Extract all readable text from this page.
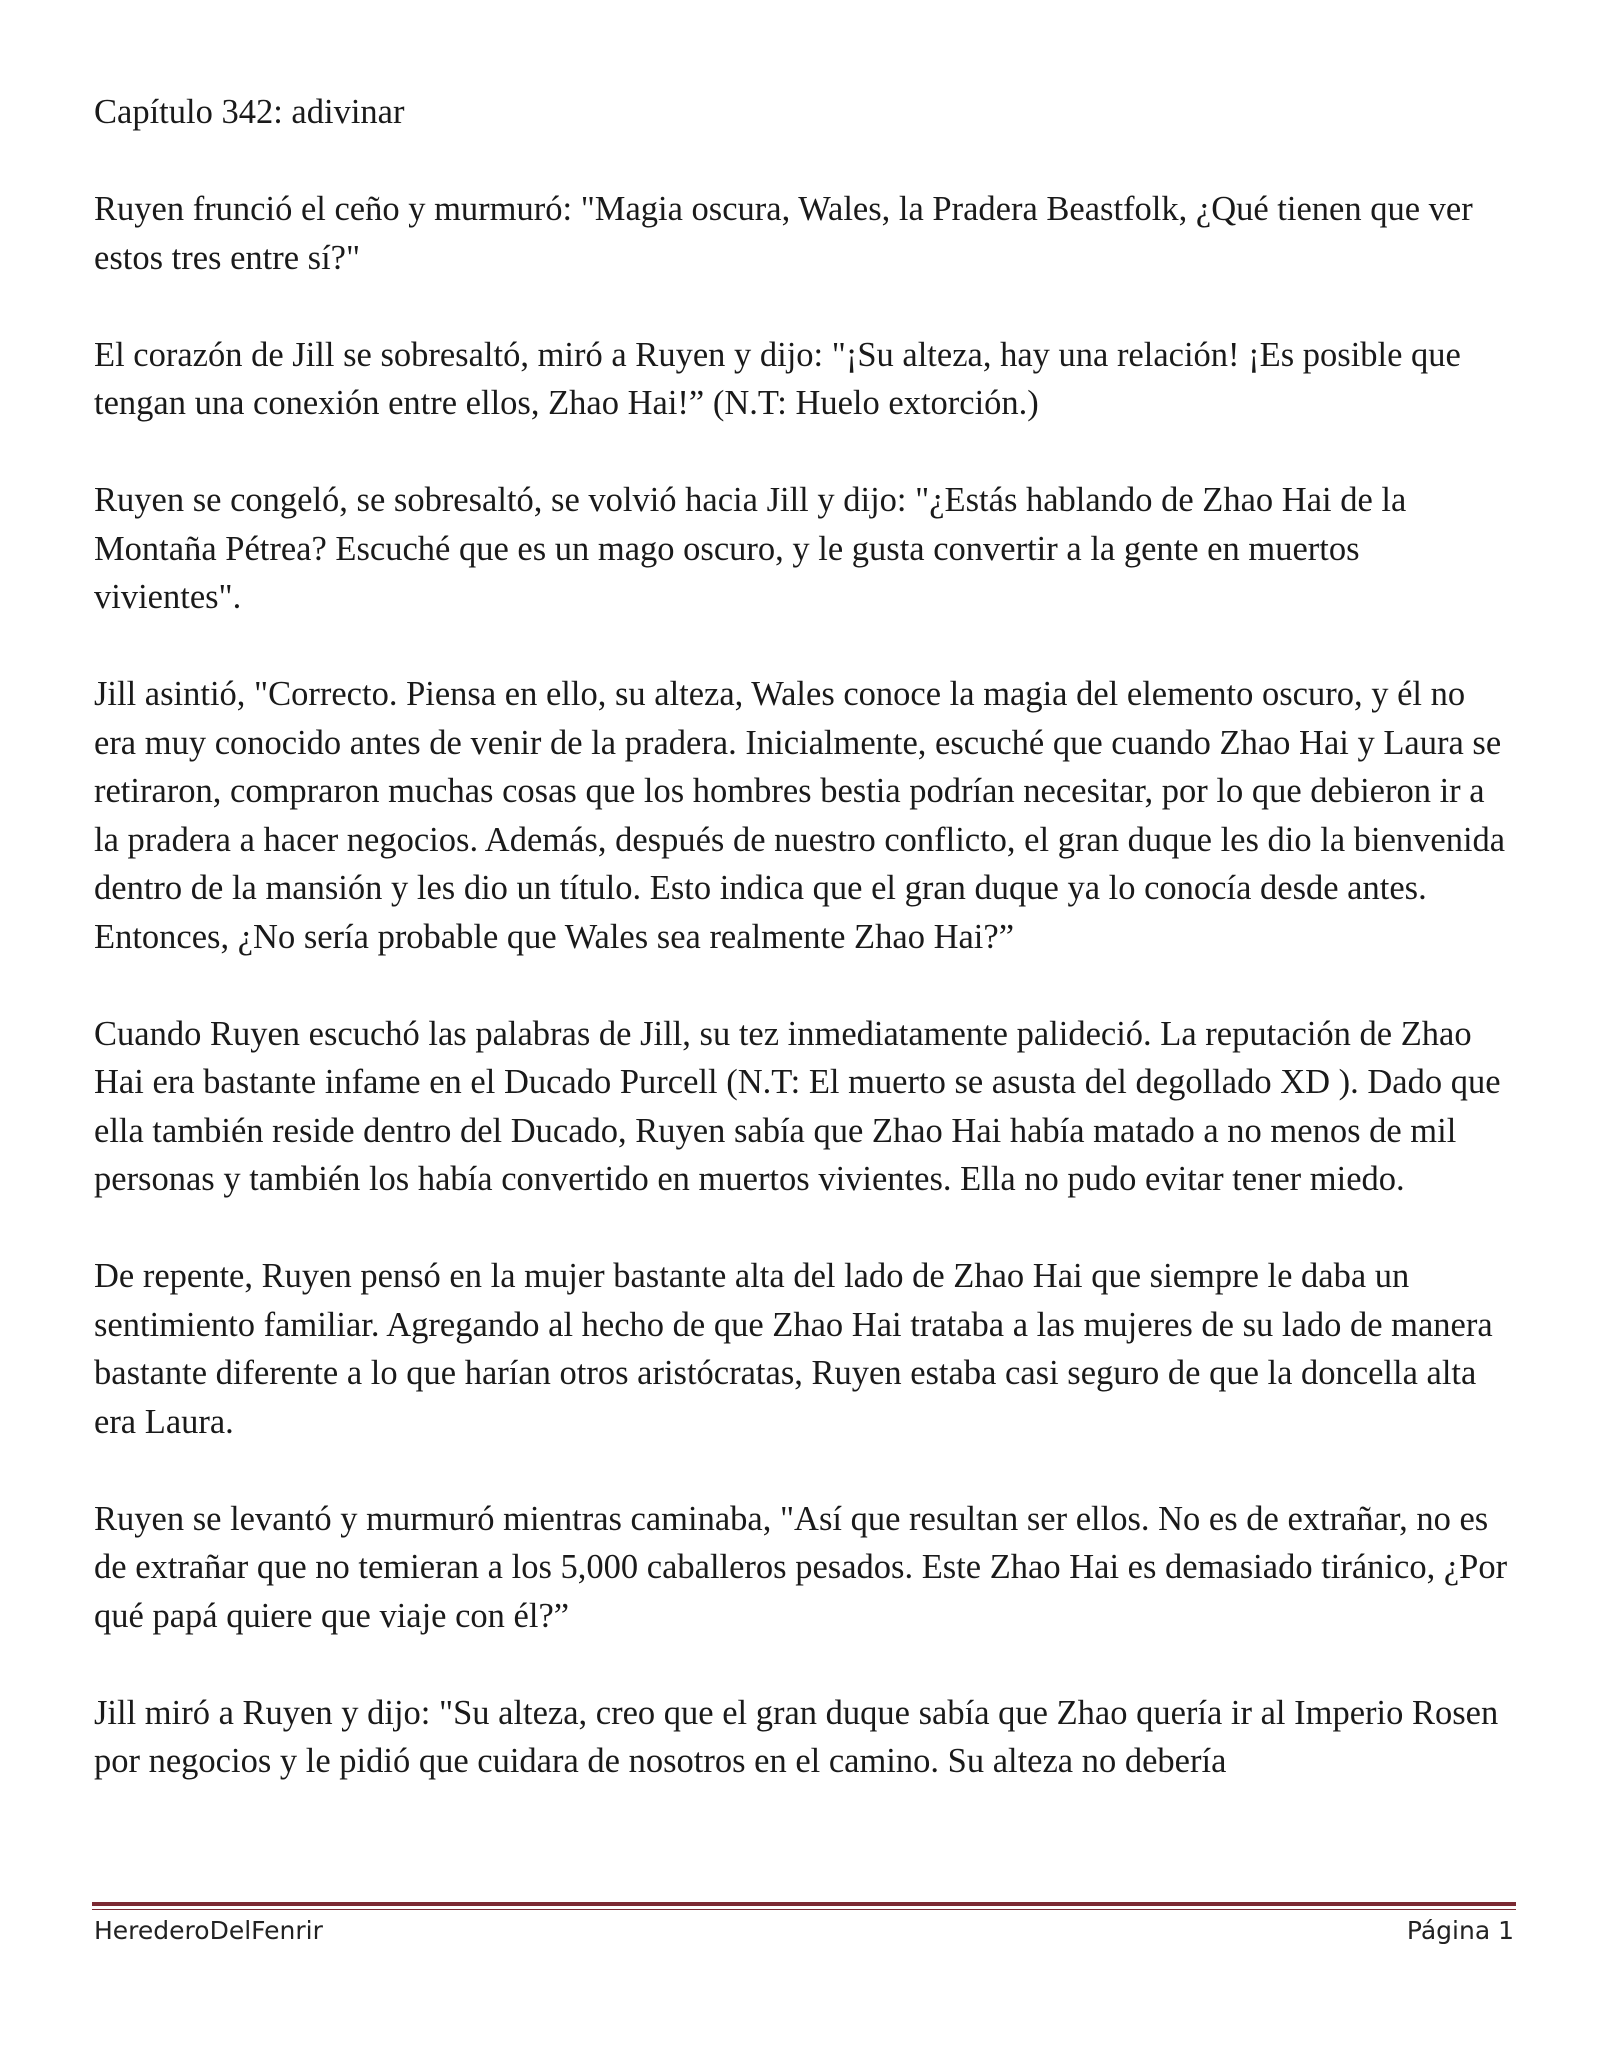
Capítulo 342: adivinar

Ruyen frunció el ceño y murmuró: "Magia oscura, Wales, la Pradera Beastfolk, ¿Qué tienen que ver estos tres entre sí?"

El corazón de Jill se sobresaltó, miró a Ruyen y dijo: "¡Su alteza, hay una relación! ¡Es posible que tengan una conexión entre ellos, Zhao Hai!” (N.T: Huelo extorción.)

Ruyen se congeló, se sobresaltó, se volvió hacia Jill y dijo: "¿Estás hablando de Zhao Hai de la Montaña Pétrea? Escuché que es un mago oscuro, y le gusta convertir a la gente en muertos vivientes".

Jill asintió, "Correcto. Piensa en ello, su alteza, Wales conoce la magia del elemento oscuro, y él no era muy conocido antes de venir de la pradera. Inicialmente, escuché que cuando Zhao Hai y Laura se retiraron, compraron muchas cosas que los hombres bestia podrían necesitar, por lo que debieron ir a la pradera a hacer negocios. Además, después de nuestro conflicto, el gran duque les dio la bienvenida dentro de la mansión y les dio un título. Esto indica que el gran duque ya lo conocía desde antes. Entonces, ¿No sería probable que Wales sea realmente Zhao Hai?”

Cuando Ruyen escuchó las palabras de Jill, su tez inmediatamente palideció. La reputación de Zhao Hai era bastante infame en el Ducado Purcell (N.T: El muerto se asusta del degollado XD ). Dado que ella también reside dentro del Ducado, Ruyen sabía que Zhao Hai había matado a no menos de mil personas y también los había convertido en muertos vivientes. Ella no pudo evitar tener miedo.

De repente, Ruyen pensó en la mujer bastante alta del lado de Zhao Hai que siempre le daba un sentimiento familiar. Agregando al hecho de que Zhao Hai trataba a las mujeres de su lado de manera bastante diferente a lo que harían otros aristócratas, Ruyen estaba casi seguro de que la doncella alta era Laura.

Ruyen se levantó y murmuró mientras caminaba, "Así que resultan ser ellos. No es de extrañar, no es de extrañar que no temieran a los 5,000 caballeros pesados. Este Zhao Hai es demasiado tiránico, ¿Por qué papá quiere que viaje con él?”

Jill miró a Ruyen y dijo: "Su alteza, creo que el gran duque sabía que Zhao quería ir al Imperio Rosen por negocios y le pidió que cuidara de nosotros en el camino. Su alteza no debería

HerederoDelFenrir	Página 1
